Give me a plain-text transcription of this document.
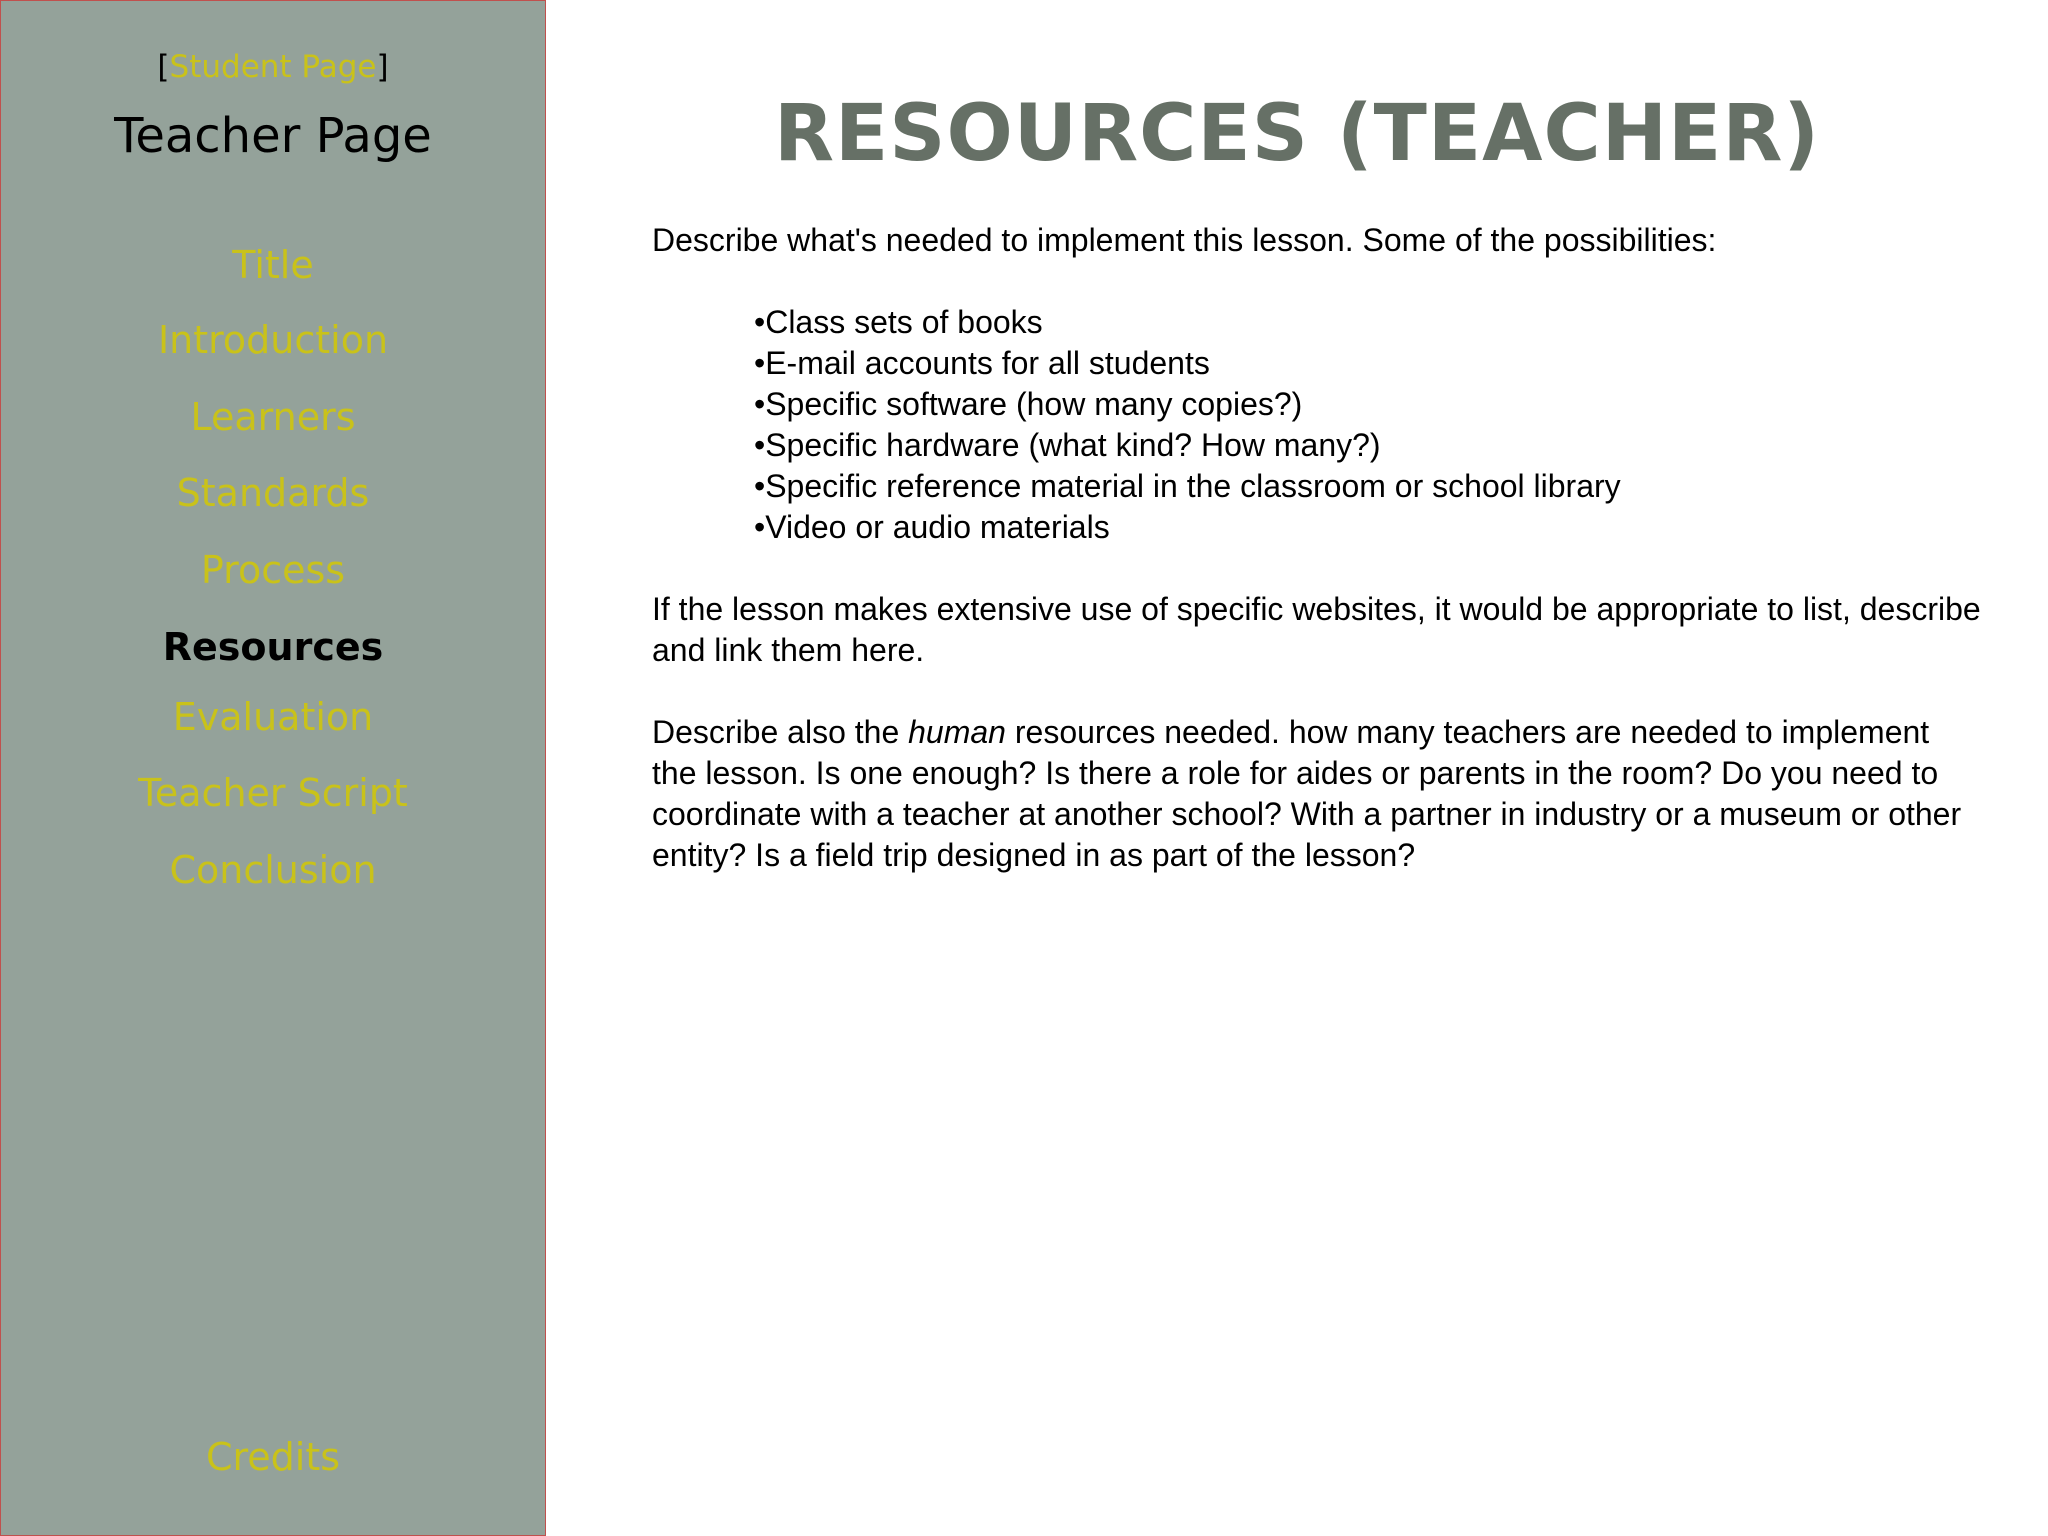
[Student Page]
Teacher Page
Title
Introduction
Learners
Standards
Process
Resources
Evaluation
Teacher Script
Conclusion
Credits
RESOURCES (TEACHER)

Describe what's needed to implement this lesson. Some of the possibilities:

•Class sets of books
•E-mail accounts for all students
•Specific software (how many copies?)
•Specific hardware (what kind? How many?)
•Specific reference material in the classroom or school library
•Video or audio materials

If the lesson makes extensive use of specific websites, it would be appropriate to list, describe and link them here.

Describe also the human resources needed. how many teachers are needed to implement the lesson. Is one enough? Is there a role for aides or parents in the room? Do you need to coordinate with a teacher at another school? With a partner in industry or a museum or other entity? Is a field trip designed in as part of the lesson?
